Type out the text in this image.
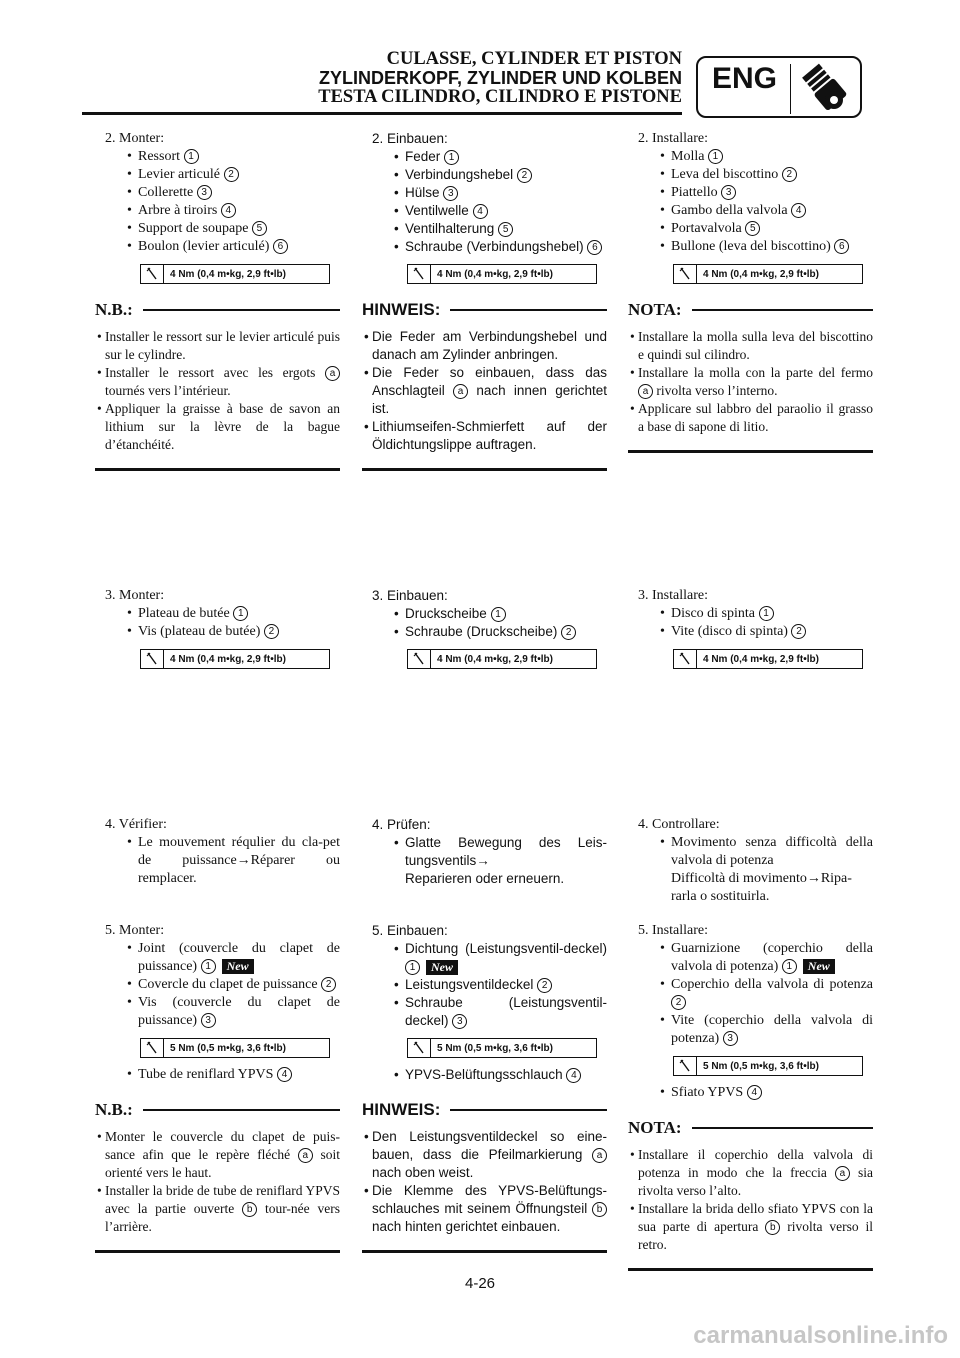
CULASSE, CYLINDER ET PISTON
ZYLINDERKOPF, ZYLINDER UND KOLBEN
TESTA CILINDRO, CILINDRO E PISTONE
ENG
2. Monter:
• Ressort 1
• Levier articulé 2
• Collerette 3
• Arbre à tiroirs 4
• Support de soupape 5
• Boulon (levier articulé) 6
4 Nm (0,4 m•kg, 2,9 ft•lb)
N.B.:
• Installer le ressort sur le levier articulé puis sur le cylindre.
• Installer le ressort avec les ergots a tournés vers l’intérieur.
• Appliquer la graisse à base de savon an lithium sur la lèvre de la bague d’étanchéité.
3. Monter:
• Plateau de butée 1
• Vis (plateau de butée) 2
4 Nm (0,4 m•kg, 2,9 ft•lb)
4. Vérifier:
• Le mouvement réqulier du cla-pet de puissance→Réparer ou remplacer.
5. Monter:
• Joint (couvercle du clapet de puissance) 1 New
• Covercle du clapet de puissance 2
• Vis (couvercle du clapet de puissance) 3
5 Nm (0,5 m•kg, 3,6 ft•lb)
• Tube de reniflard YPVS 4
N.B.:
• Monter le couvercle du clapet de puis-sance afin que le repère fléché a soit orienté vers le haut.
• Installer la bride de tube de reniflard YPVS avec la partie ouverte b tour-née vers l’arrière.
2. Einbauen:
• Feder 1
• Verbindungshebel 2
• Hülse 3
• Ventilwelle 4
• Ventilhalterung 5
• Schraube (Verbindungshebel) 6
4 Nm (0,4 m•kg, 2,9 ft•lb)
HINWEIS:
• Die Feder am Verbindungshebel und danach am Zylinder anbringen.
• Die Feder so einbauen, dass das Anschlagteil a nach innen gerichtet ist.
• Lithiumseifen-Schmierfett auf der Öldichtungslippe auftragen.
3. Einbauen:
• Druckscheibe 1
• Schraube (Druckscheibe) 2
4 Nm (0,4 m•kg, 2,9 ft•lb)
4. Prüfen:
• Glatte Bewegung des Leis-tungsventils→
Reparieren oder erneuern.
5. Einbauen:
• Dichtung (Leistungsventil-deckel) 1 New
• Leistungsventildeckel 2
• Schraube (Leistungsventil-deckel) 3
5 Nm (0,5 m•kg, 3,6 ft•lb)
• YPVS-Belüftungsschlauch 4
HINWEIS:
• Den Leistungsventildeckel so eine-bauen, dass die Pfeilmarkierung a nach oben weist.
• Die Klemme des YPVS-Belüftungs-schlauches mit seinem Öffnungsteil b nach hinten gerichtet einbauen.
2. Installare:
• Molla 1
• Leva del biscottino 2
• Piattello 3
• Gambo della valvola 4
• Portavalvola 5
• Bullone (leva del biscottino) 6
4 Nm (0,4 m•kg, 2,9 ft•lb)
NOTA:
• Installare la molla sulla leva del biscottino e quindi sul cilindro.
• Installare la molla con la parte del fermo a rivolta verso l’interno.
• Applicare sul labbro del paraolio il grasso a base di sapone di litio.
3. Installare:
• Disco di spinta 1
• Vite (disco di spinta) 2
4 Nm (0,4 m•kg, 2,9 ft•lb)
4. Controllare:
• Movimento senza difficoltà della valvola di potenza
Difficoltà di movimento→Ripa-rarla o sostituirla.
5. Installare:
• Guarnizione (coperchio della valvola di potenza) 1 New
• Coperchio della valvola di potenza 2
• Vite (coperchio della valvola di potenza) 3
5 Nm (0,5 m•kg, 3,6 ft•lb)
• Sfiato YPVS 4
NOTA:
• Installare il coperchio della valvola di potenza in modo che la freccia a sia rivolta verso l’alto.
• Installare la brida dello sfiato YPVS con la sua parte di apertura b rivolta verso il retro.
4-26
carmanualsonline.info
